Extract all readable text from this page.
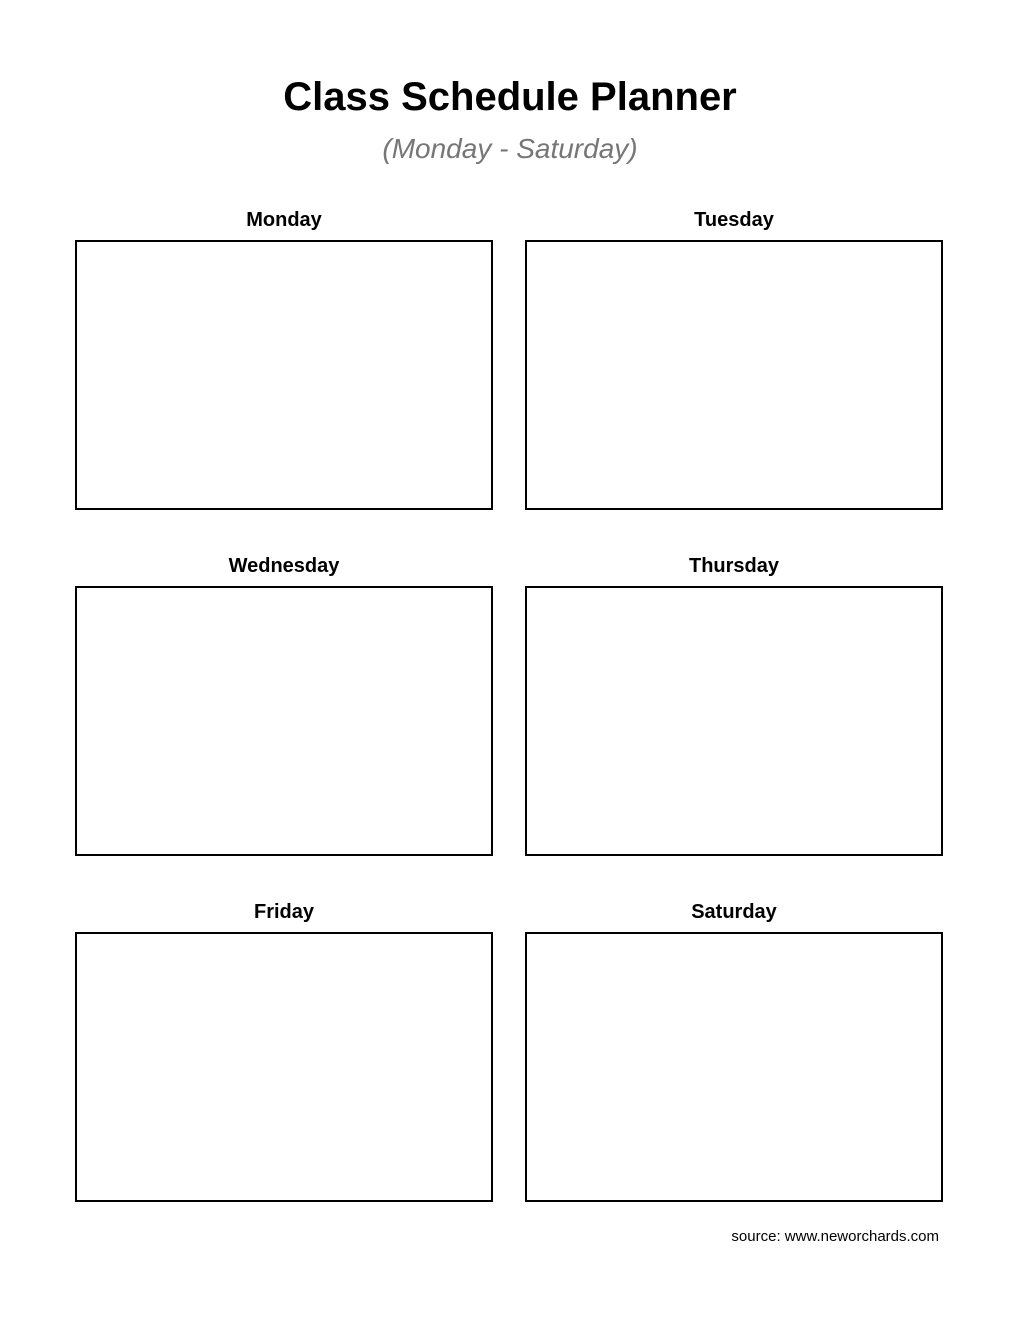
Class Schedule Planner
(Monday - Saturday)
Monday	Tuesday
Wednesday	Thursday
Friday	Saturday
source: www.neworchards.com
